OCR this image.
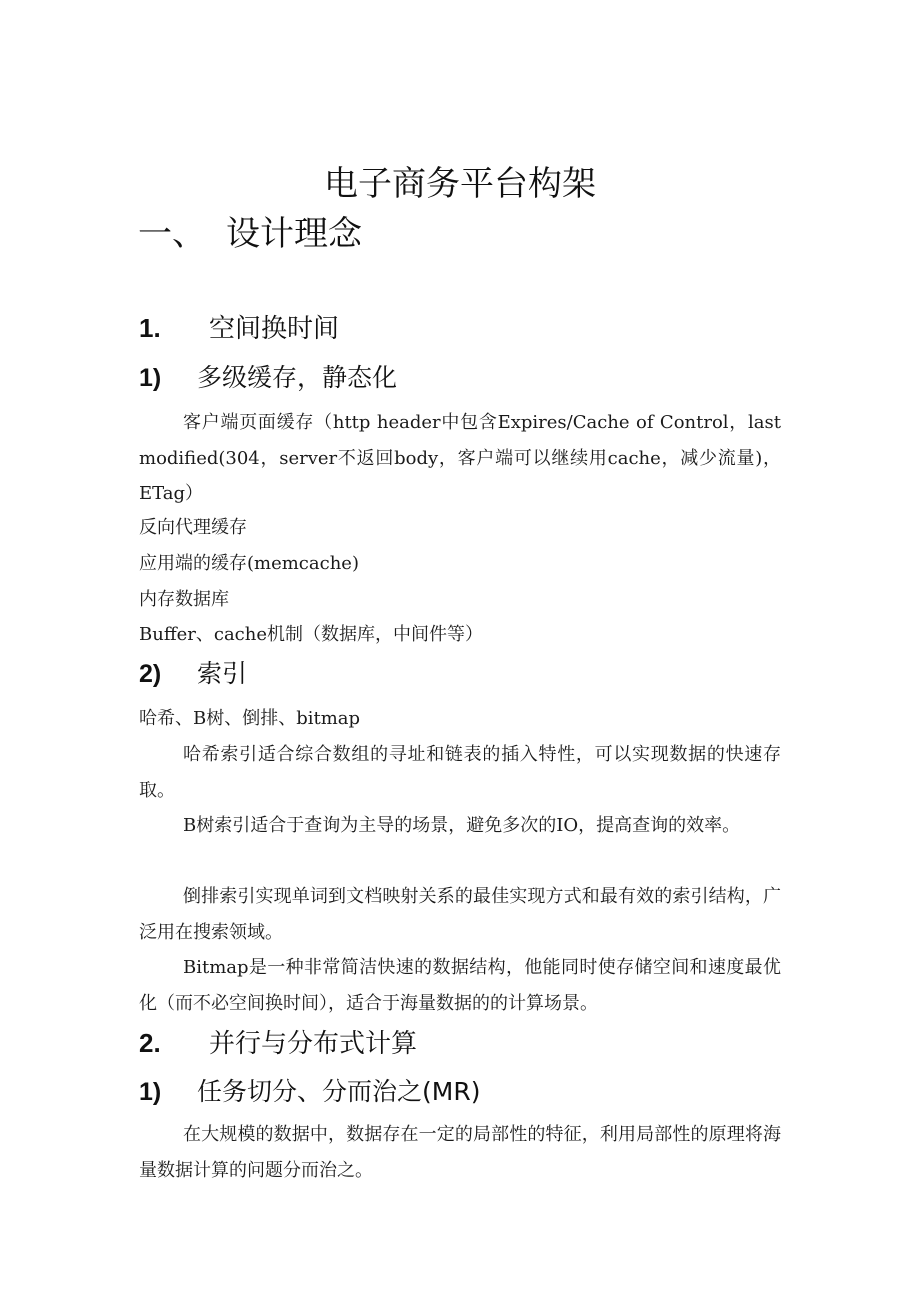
电子商务平台构架
一、 设计理念
1. 空间换时间
1) 多级缓存，静态化
客户端页面缓存（http header中包含Expires/Cache of Control，last modified(304，server不返回body，客户端可以继续用cache，减少流量)，ETag）
反向代理缓存
应用端的缓存(memcache)
内存数据库
Buffer、cache机制（数据库，中间件等）
2) 索引
哈希、B树、倒排、bitmap
哈希索引适合综合数组的寻址和链表的插入特性，可以实现数据的快速存取。
B树索引适合于查询为主导的场景，避免多次的IO，提高查询的效率。
倒排索引实现单词到文档映射关系的最佳实现方式和最有效的索引结构，广泛用在搜索领域。
Bitmap是一种非常简洁快速的数据结构，他能同时使存储空间和速度最优化（而不必空间换时间），适合于海量数据的的计算场景。
2. 并行与分布式计算
1) 任务切分、分而治之(MR)
在大规模的数据中，数据存在一定的局部性的特征，利用局部性的原理将海量数据计算的问题分而治之。
